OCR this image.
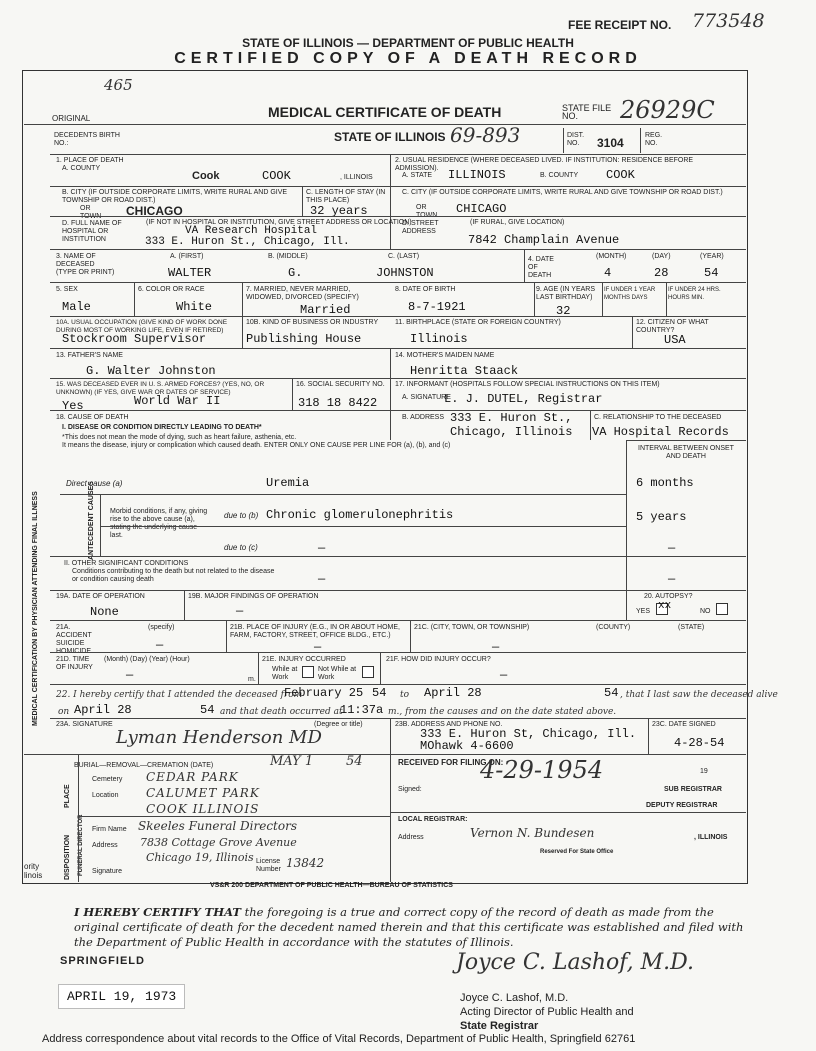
FEE RECEIPT NO. 773548
STATE OF ILLINOIS — DEPARTMENT OF PUBLIC HEALTH
CERTIFIED COPY OF A DEATH RECORD
465
ORIGINAL	MEDICAL CERTIFICATE OF DEATH	STATE FILE NO.	26929C
DECEDENTS BIRTH NO.:	STATE OF ILLINOIS 69-893	DIST. NO.	3104
REG. NO.
1. PLACE OF DEATH
A. COUNTY
Cook	COOK	, ILLINOIS
B. CITY (IF OUTSIDE CORPORATE LIMITS, WRITE RURAL AND GIVE TOWNSHIP OR ROAD DIST.)
OR TOWN CHICAGO
C. LENGTH OF STAY (IN THIS PLACE)
32 years
D. FULL NAME OF HOSPITAL OR INSTITUTION
(IF NOT IN HOSPITAL OR INSTITUTION, GIVE STREET ADDRESS OR LOCATION)
VA Research Hospital
333 E. Huron St., Chicago, Ill.
2. USUAL RESIDENCE (WHERE DECEASED LIVED. IF INSTITUTION: RESIDENCE BEFORE ADMISSION).
A. STATE ILLINOIS	B. COUNTY COOK
C. CITY (IF OUTSIDE CORPORATE LIMITS, WRITE RURAL AND GIVE TOWNSHIP OR ROAD DIST.)
OR TOWN CHICAGO
D. STREET ADDRESS
(IF RURAL, GIVE LOCATION)
7842 Champlain Avenue
3. NAME OF DECEASED (TYPE OR PRINT)
A. (FIRST)	B. (MIDDLE)	C. (LAST)
WALTER	G.	JOHNSTON
4. DATE OF DEATH
(MONTH)	(DAY)	(YEAR)
4	28	54
5. SEX
Male
6. COLOR OR RACE
White
7. MARRIED, NEVER MARRIED, WIDOWED, DIVORCED (SPECIFY)
Married
8. DATE OF BIRTH
8-7-1921
9. AGE (IN YEARS LAST BIRTHDAY)
32
IF UNDER 1 YEAR MONTHS DAYS
IF UNDER 24 HRS. HOURS MIN.
10A. USUAL OCCUPATION (GIVE KIND OF WORK DONE DURING MOST OF WORKING LIFE, EVEN IF RETIRED)
Stockroom Supervisor
10B. KIND OF BUSINESS OR INDUSTRY
Publishing House
11. BIRTHPLACE (STATE OR FOREIGN COUNTRY)
Illinois
12. CITIZEN OF WHAT COUNTRY?
USA
13. FATHER'S NAME
G. Walter Johnston
14. MOTHER'S MAIDEN NAME
Henritta Staack
15. WAS DECEASED EVER IN U. S. ARMED FORCES? (YES, NO, OR UNKNOWN) (IF YES, GIVE WAR OR DATES OF SERVICE)
Yes	World War II
16. SOCIAL SECURITY NO.
318 18 8422
17. INFORMANT (HOSPITALS FOLLOW SPECIAL INSTRUCTIONS ON THIS ITEM)
A. SIGNATURE
L. J. DUTEL, Registrar
B. ADDRESS 333 E. Huron St.,
Chicago, Illinois
C. RELATIONSHIP TO THE DECEASED
VA Hospital Records
18. CAUSE OF DEATH
I. DISEASE OR CONDITION DIRECTLY LEADING TO DEATH*
*This does not mean the mode of dying, such as heart failure, asthenia, etc.
It means the disease, injury or complication which caused death. ENTER ONLY ONE CAUSE PER LINE FOR (a), (b), and (c)	INTERVAL BETWEEN ONSET AND DEATH
Direct cause (a)	Uremia	6 months
Morbid conditions, if any, giving rise to the above cause (a), stating the underlying cause last.
ANTECEDENT CAUSES	due to (b) Chronic glomerulonephritis	5 years
due to (c)	—	—
II. OTHER SIGNIFICANT CONDITIONS
Conditions contributing to the death but not related to the disease or condition causing death	—	—
19A. DATE OF OPERATION
None
19B. MAJOR FINDINGS OF OPERATION
—
20. AUTOPSY?
YES xx	NO
21A. ACCIDENT SUICIDE HOMICIDE
(specify)
—
21B. PLACE OF INJURY (E.G., IN OR ABOUT HOME, FARM, FACTORY, STREET, OFFICE BLDG., ETC.)
—
21C. (CITY, TOWN, OR TOWNSHIP)	(COUNTY)	(STATE)
—
21D. TIME OF INJURY
(Month) (Day) (Year) (Hour)
—	m.
21E. INJURY OCCURRED
While at Work
Not While at Work
21F. HOW DID INJURY OCCUR?
—
22. I hereby certify that I attended the deceased from
February 25 54 to April 28	54 , that I last saw the deceased alive
on April 28	54 and that death occurred at
11:37a m., from the causes and on the date stated above.
23A. SIGNATURE	(Degree or title)
Lyman Henderson MD
23B. ADDRESS AND PHONE NO.
333 E. Huron St, Chicago, Ill.
MOhawk 4-6600
23C. DATE SIGNED
4-28-54
MEDICAL CERTIFICATION BY PHYSICIAN ATTENDING FINAL ILLNESS
BURIAL—REMOVAL—CREMATION (DATE)	MAY 1	54
Cemetery CEDAR PARK
Location CALUMET PARK
COOK ILLINOIS
PLACE
DISPOSITION FUNERAL DIRECTOR Firm Name Skeeles Funeral Directors
Address 7838 Cottage Grove Avenue
Chicago 19, Illinois
Signature
License Number 13842
RECEIVED FOR FILING ON:
4-29-1954	19
Signed:	SUB REGISTRAR
DEPUTY REGISTRAR
LOCAL REGISTRAR:
Address	Vernon N. Bundesen	, ILLINOIS
Reserved For State Office
VS&R 200 DEPARTMENT OF PUBLIC HEALTH—BUREAU OF STATISTICS
ority linois
I HEREBY CERTIFY THAT the foregoing is a true and correct copy of the record of death as made from the original certificate of death for the decedent named therein and that this certificate was established and filed with the Department of Public Health in accordance with the statutes of Illinois.
SPRINGFIELD
APRIL 19, 1973
Joyce C. Lashof, M.D.
Joyce C. Lashof, M.D.
Acting Director of Public Health and
State Registrar
Address correspondence about vital records to the Office of Vital Records, Department of Public Health, Springfield 62761
